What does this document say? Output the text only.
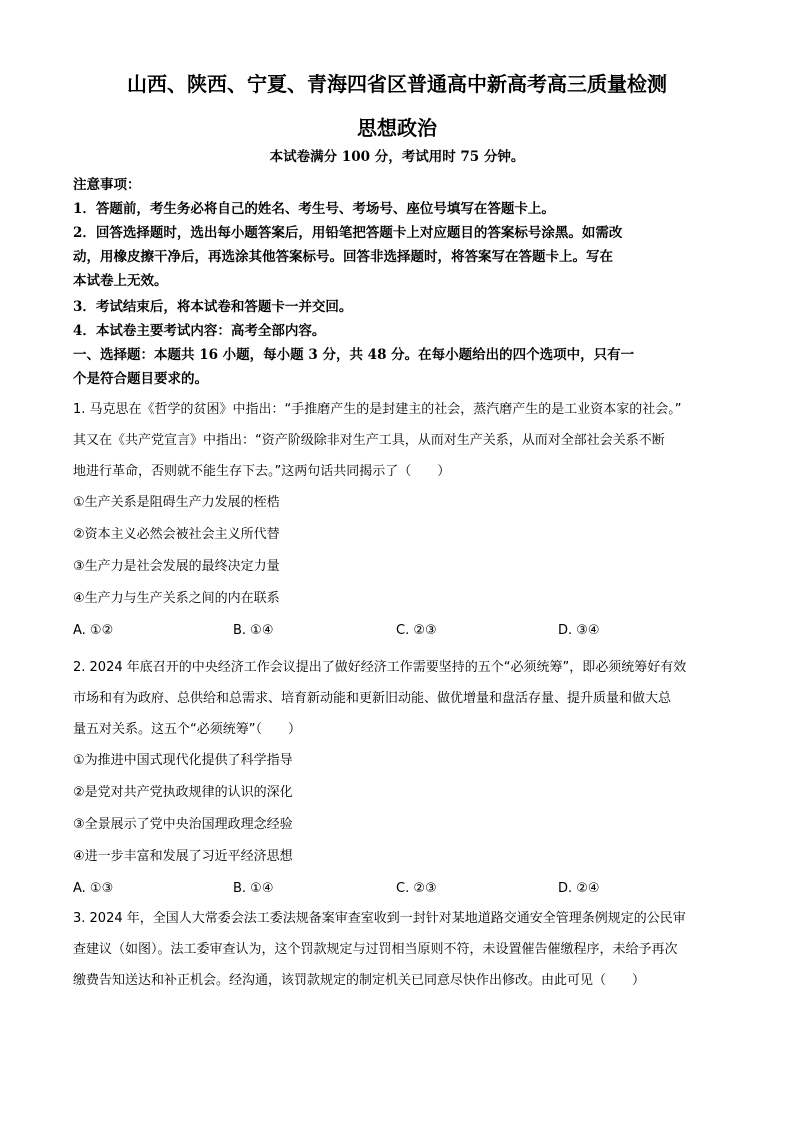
山西、陕西、宁夏、青海四省区普通高中新高考高三质量检测
思想政治
本试卷满分 100 分，考试用时 75 分钟。

注意事项：

1．答题前，考生务必将自己的姓名、考生号、考场号、座位号填写在答题卡上。

2．回答选择题时，选出每小题答案后，用铅笔把答题卡上对应题目的答案标号涂黑。如需改

动，用橡皮擦干净后，再选涂其他答案标号。回答非选择题时，将答案写在答题卡上。写在

本试卷上无效。

3．考试结束后，将本试卷和答题卡一并交回。

4．本试卷主要考试内容：高考全部内容。

一、选择题：本题共 16 小题，每小题 3 分，共 48 分。在每小题给出的四个选项中，只有一

个是符合题目要求的。

1. 马克思在《哲学的贫困》中指出：“手推磨产生的是封建主的社会，蒸汽磨产生的是工业资本家的社会。”

其又在《共产党宣言》中指出：“资产阶级除非对生产工具，从而对生产关系，从而对全部社会关系不断

地进行革命，否则就不能生存下去。”这两句话共同揭示了（　　）

①生产关系是阻碍生产力发展的桎梏

②资本主义必然会被社会主义所代替

③生产力是社会发展的最终决定力量

④生产力与生产关系之间的内在联系

A. ①②	B. ①④	C. ②③	D. ③④

2. 2024 年底召开的中央经济工作会议提出了做好经济工作需要坚持的五个“必须统筹”，即必须统筹好有效

市场和有为政府、总供给和总需求、培育新动能和更新旧动能、做优增量和盘活存量、提升质量和做大总

量五对关系。这五个“必须统筹”（　　）

①为推进中国式现代化提供了科学指导

②是党对共产党执政规律的认识的深化

③全景展示了党中央治国理政理念经验

④进一步丰富和发展了习近平经济思想

A. ①③	B. ①④	C. ②③	D. ②④

3. 2024 年，全国人大常委会法工委法规备案审查室收到一封针对某地道路交通安全管理条例规定的公民审

查建议（如图）。法工委审查认为，这个罚款规定与过罚相当原则不符，未设置催告催缴程序，未给予再次

缴费告知送达和补正机会。经沟通，该罚款规定的制定机关已同意尽快作出修改。由此可见（　　）
